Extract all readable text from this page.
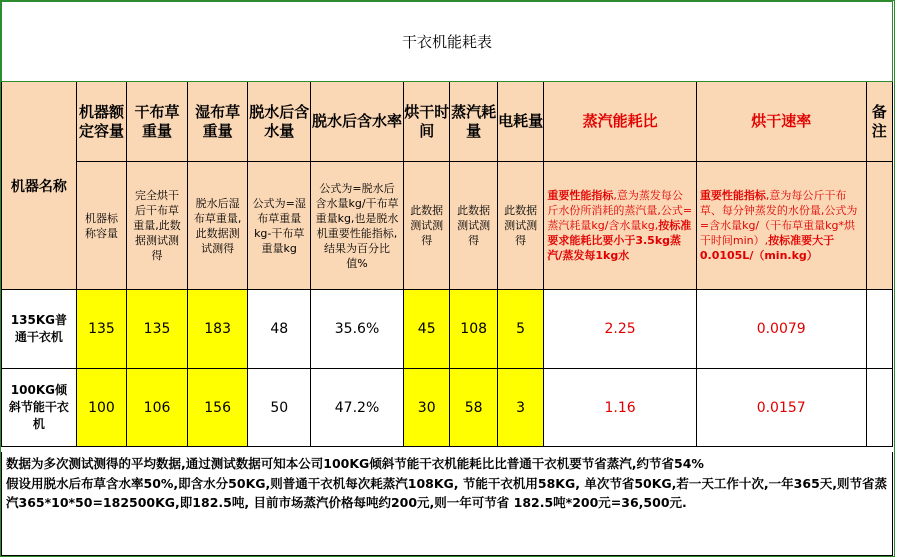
干衣机能耗表											
机器名称	机器额定容量	干布草重量	湿布草重量	脱水后含水量	脱水后含水率	烘干时间	蒸汽耗量	电耗量	蒸汽能耗比	烘干速率	备注
	机器标称容量	完全烘干后干布草重量,此数据测试测得	脱水后湿布草重量,此数据测试测得	公式为=湿布草重量kg-干布草重量kg	公式为=脱水后含水量kg/干布草重量kg,也是脱水机重要性能指标,结果为百分比值%	此数据测试测得	此数据测试测得	此数据测试测得	重要性能指标,意为蒸发每公斤水份所消耗的蒸汽量,公式=蒸汽耗量kg/含水量kg,按标准要求能耗比要小于3.5kg蒸汽/蒸发每1kg水	重要性能指标,意为每公斤干布草、每分钟蒸发的水份量,公式为=含水量kg/（干布草重量kg*烘干时间min）,按标准要大于0.0105L/（min.kg）	
135KG普通干衣机	135	135	183	48	35.6%	45	108	5	2.25	0.0079	
100KG倾斜节能干衣机	100	106	156	50	47.2%	30	58	3	1.16	0.0157	

数据为多次测试测得的平均数据,通过测试数据可知本公司100KG倾斜节能干衣机能耗比比普通干衣机要节省蒸汽,约节省54%

假设用脱水后布草含水率50%,即含水分50KG,则普通干衣机每次耗蒸汽108KG, 节能干衣机用58KG, 单次节省50KG,若一天工作十次,一年365天,则节省蒸汽365*10*50=182500KG,即182.5吨, 目前市场蒸汽价格每吨约200元,则一年可节省 182.5吨*200元=36,500元.
